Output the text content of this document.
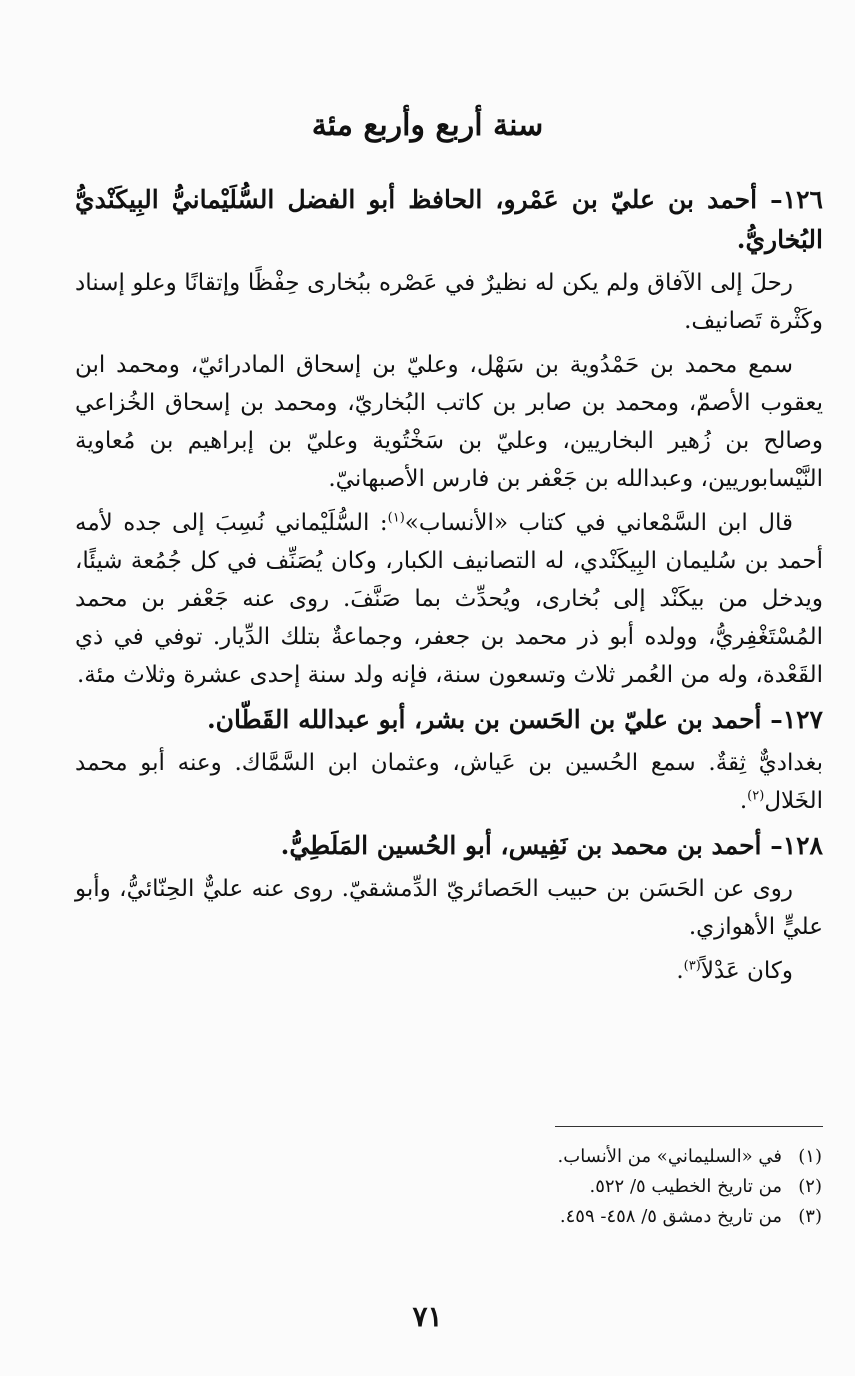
سنة أربع وأربع مئة
١٢٦– أحمد بن عليّ بن عَمْرو، الحافظ أبو الفضل السُّلَيْمانيُّ البِيكَنْديُّ البُخاريُّ.

رحلَ إلى الآفاق ولم يكن له نظيرٌ في عَصْره ببُخارى حِفْظًا وإتقانًا وعلو إسناد وكَثْرة تَصانيف.

سمع محمد بن حَمْدُوية بن سَهْل، وعليّ بن إسحاق المادرائيّ، ومحمد ابن يعقوب الأصمّ، ومحمد بن صابر بن كاتب البُخاريّ، ومحمد بن إسحاق الخُزاعي وصالح بن زُهير البخاريين، وعليّ بن سَخْتُوية وعليّ بن إبراهيم بن مُعاوية النَّيْسابوريين، وعبدالله بن جَعْفر بن فارس الأصبهانيّ.

قال ابن السَّمْعاني في كتاب «الأنساب»$^{(١)}$: السُّلَيْماني نُسِبَ إلى جده لأمه أحمد بن سُليمان البِيكَنْدي، له التصانيف الكبار، وكان يُصَنِّف في كل جُمُعة شيئًا، ويدخل من بيكَنْد إلى بُخارى، ويُحدِّث بما صَنَّفَ. روى عنه جَعْفر بن محمد المُسْتَغْفِريُّ، وولده أبو ذر محمد بن جعفر، وجماعةٌ بتلك الدِّيار. توفي في ذي القَعْدة، وله من العُمر ثلاث وتسعون سنة، فإنه ولد سنة إحدى عشرة وثلاث مئة.

١٢٧– أحمد بن عليّ بن الحَسن بن بشر، أبو عبدالله القَطّان.

بغداديٌّ ثِقةٌ. سمع الحُسين بن عَياش، وعثمان ابن السَّمَّاك. وعنه أبو محمد الخَلال$^{(٢)}$.

١٢٨– أحمد بن محمد بن نَفِيس، أبو الحُسين المَلَطِيُّ.

روى عن الحَسَن بن حبيب الحَصائريّ الدِّمشقيّ. روى عنه عليٌّ الحِنّائيُّ، وأبو عليٍّ الأهوازي.

وكان عَدْلاً$^{(٣)}$.

(١)
في «السليماني» من الأنساب.
(٢)
من تاريخ الخطيب ٥/ ٥٢٢.
(٣)
من تاريخ دمشق ٥/ ٤٥٨- ٤٥٩.
٧١
